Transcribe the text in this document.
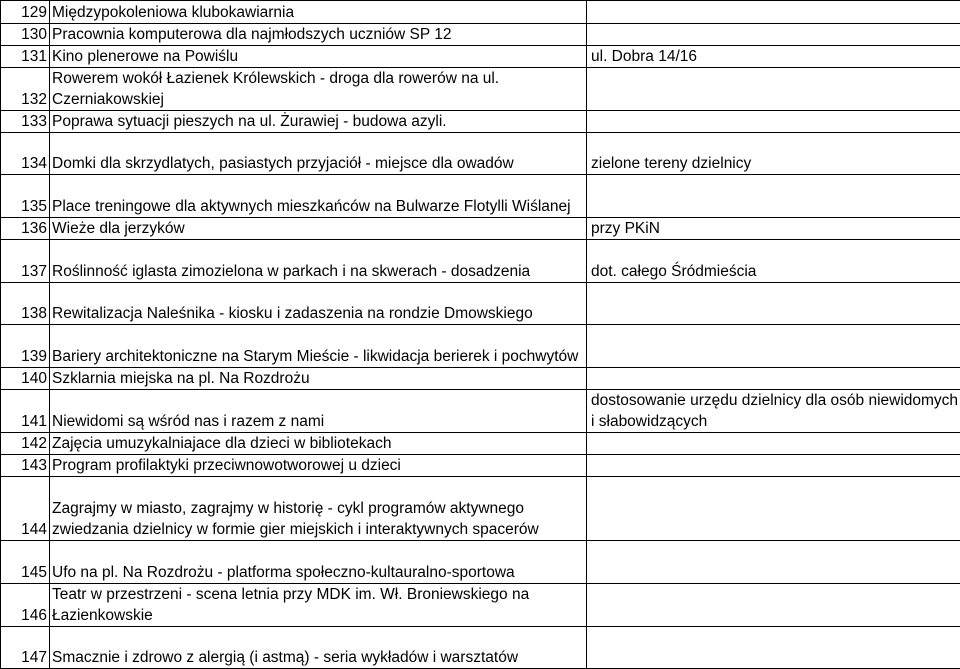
129	Międzypokoleniowa klubokawiarnia	
130	Pracownia komputerowa dla najmłodszych uczniów SP 12	
131	Kino plenerowe na Powiślu	ul. Dobra 14/16
132	Rowerem wokół Łazienek Królewskich - droga dla rowerów na ul. Czerniakowskiej	
133	Poprawa sytuacji pieszych na ul. Żurawiej - budowa azyli.	
134	Domki dla skrzydlatych, pasiastych przyjaciół - miejsce dla owadów	zielone tereny dzielnicy
135	Place treningowe dla aktywnych mieszkańców na Bulwarze Flotylli Wiślanej	
136	Wieże dla jerzyków	przy PKiN
137	Roślinność iglasta zimozielona w parkach i na skwerach - dosadzenia	dot. całego Śródmieścia
138	Rewitalizacja Naleśnika - kiosku i zadaszenia na rondzie Dmowskiego	
139	Bariery architektoniczne na Starym Mieście - likwidacja berierek i pochwytów	
140	Szklarnia miejska na pl. Na Rozdrożu	
141	Niewidomi są wśród nas i razem z nami	dostosowanie urzędu dzielnicy dla osób niewidomych i słabowidzących
142	Zajęcia umuzykalniajace dla dzieci w bibliotekach	
143	Program profilaktyki przeciwnowotworowej u dzieci	
144	Zagrajmy w miasto, zagrajmy w historię - cykl programów aktywnego zwiedzania dzielnicy w formie gier miejskich i interaktywnych spacerów	
145	Ufo na pl. Na Rozdrożu - platforma społeczno-kultauralno-sportowa	
146	Teatr w przestrzeni - scena letnia przy MDK im. Wł. Broniewskiego na Łazienkowskie	
147	Smacznie i zdrowo z alergią (i astmą) - seria wykładów i warsztatów	
